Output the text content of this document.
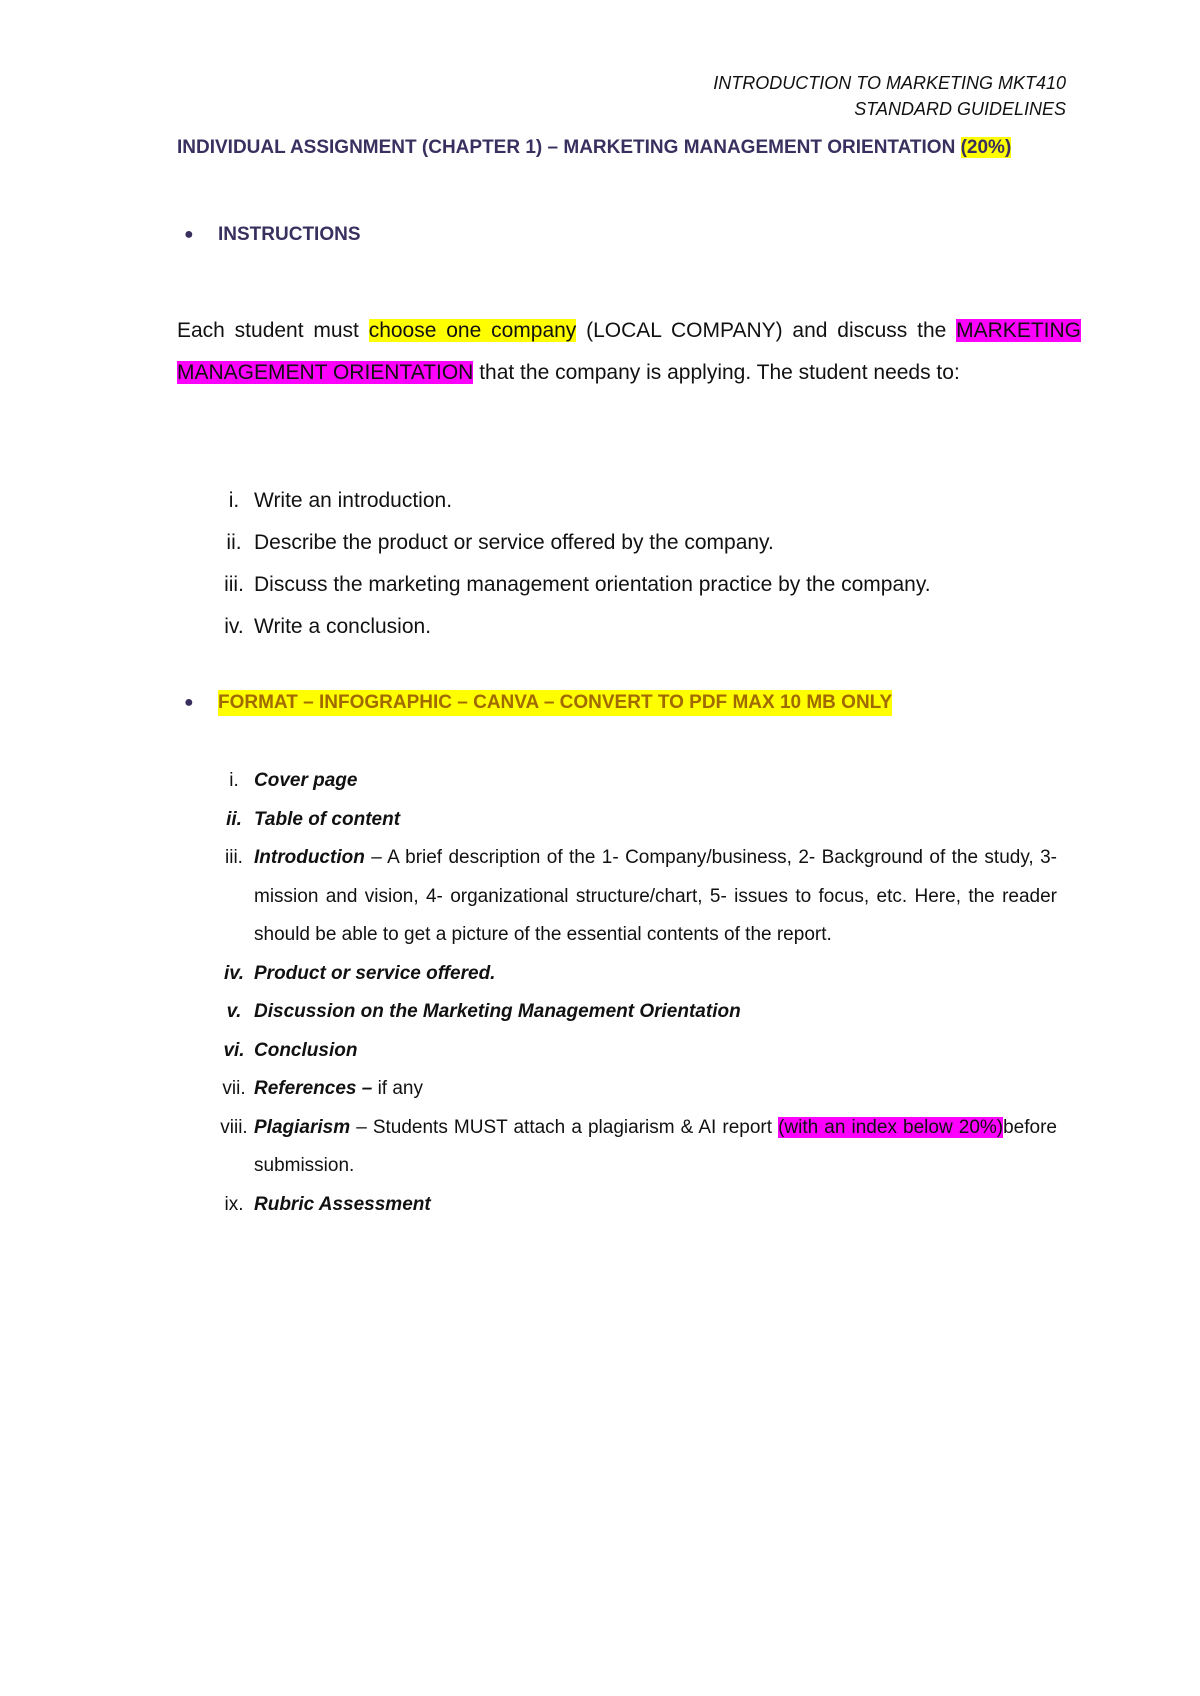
INTRODUCTION TO MARKETING MKT410
STANDARD GUIDELINES
INDIVIDUAL ASSIGNMENT (CHAPTER 1) – MARKETING MANAGEMENT ORIENTATION (20%)
●	INSTRUCTIONS
Each student must choose one company (LOCAL COMPANY) and discuss the MARKETING MANAGEMENT ORIENTATION that the company is applying. The student needs to:
i. Write an introduction.
ii. Describe the product or service offered by the company.
iii. Discuss the marketing management orientation practice by the company.
iv. Write a conclusion.
●	FORMAT – INFOGRAPHIC – CANVA – CONVERT TO PDF MAX 10 MB ONLY
i. Cover page
ii. Table of content
iii. Introduction – A brief description of the 1- Company/business, 2- Background of the study, 3- mission and vision, 4- organizational structure/chart, 5- issues to focus, etc. Here, the reader should be able to get a picture of the essential contents of the report.
iv. Product or service offered.
v. Discussion on the Marketing Management Orientation
vi. Conclusion
vii. References – if any
viii. Plagiarism – Students MUST attach a plagiarism & AI report (with an index below 20%)before submission.
ix. Rubric Assessment
